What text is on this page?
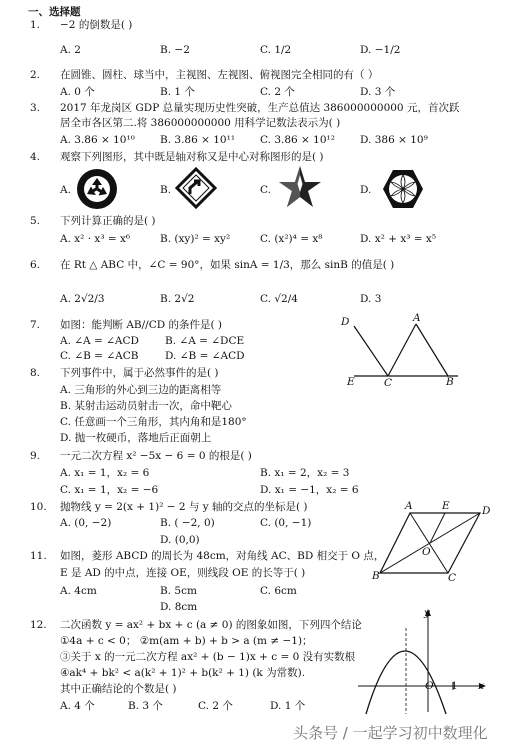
一、选择题
1. −2 的倒数是( )
A. 2	B. −2	C. 1/2	D. −1/2
2. 在圆锥、圆柱、球当中，主视图、左视图、俯视图完全相同的有（ ）
A. 0 个	B. 1 个	C. 2 个	D. 3 个
3. 2017 年龙岗区 GDP 总量实现历史性突破，生产总值达 386000000000 元，首次跃
居全市各区第二.将 386000000000 用科学记数法表示为( )
A. 3.86 × 10¹⁰ B. 3.86 × 10¹¹ C. 3.86 × 10¹² D. 386 × 10⁹
4. 观察下列图形，其中既是轴对称又是中心对称图形的是( )
A.	B.	C.	D.
5. 下列计算正确的是( )
A. x² · x³ = x⁶	B. (xy)² = xy²	C. (x²)⁴ = x⁸	D. x² + x³ = x⁵
6. 在 Rt △ ABC 中，∠C = 90°，如果 sinA = 1/3，那么 sinB 的值是( )
A. 2√2/3	B. 2√2	C. √2/4	D. 3
7. 如图：能判断 AB//CD 的条件是( )
A. ∠A = ∠ACD B. ∠A = ∠DCE
C. ∠B = ∠ACB	D. ∠B = ∠ACD
D	A
E	C	B
8. 下列事件中，属于必然事件的是( )
A. 三角形的外心到三边的距离相等
B. 某射击运动员射击一次，命中靶心
C. 任意画一个三角形，其内角和是180°
D. 抛一枚硬币，落地后正面朝上
9. 一元二次方程 x² −5x − 6 = 0 的根是( )
A. x₁ = 1，x₂ = 6	B. x₁ = 2，x₂ = 3
C. x₁ = 1，x₂ = −6	D. x₁ = −1，x₂ = 6
10. 抛物线 y = 2(x + 1)² − 2 与 y 轴的交点的坐标是( )
A. (0, −2)	B. ( −2, 0)	C. (0, −1)
D. (0,0)
A	E	D
O
B	C
11. 如图，菱形 ABCD 的周长为 48cm，对角线 AC、BD 相交于 O 点，
E 是 AD 的中点，连接 OE，则线段 OE 的长等于( )
A. 4cm	B. 5cm	C. 6cm
D. 8cm
12. 二次函数 y = ax² + bx + c (a ≠ 0) 的图象如图，下列四个结论
①4a + c < 0； ②m(am + b) + b > a (m ≠ −1)；
③关于 x 的一元二次方程 ax² + (b − 1)x + c = 0 没有实数根
④ak⁴ + bk² < a(k² + 1)² + b(k² + 1) (k 为常数).
其中正确结论的个数是( )
A. 4 个	B. 3 个	C. 2 个	D. 1 个
y
O 1 x
头条号 / 一起学习初中数理化
